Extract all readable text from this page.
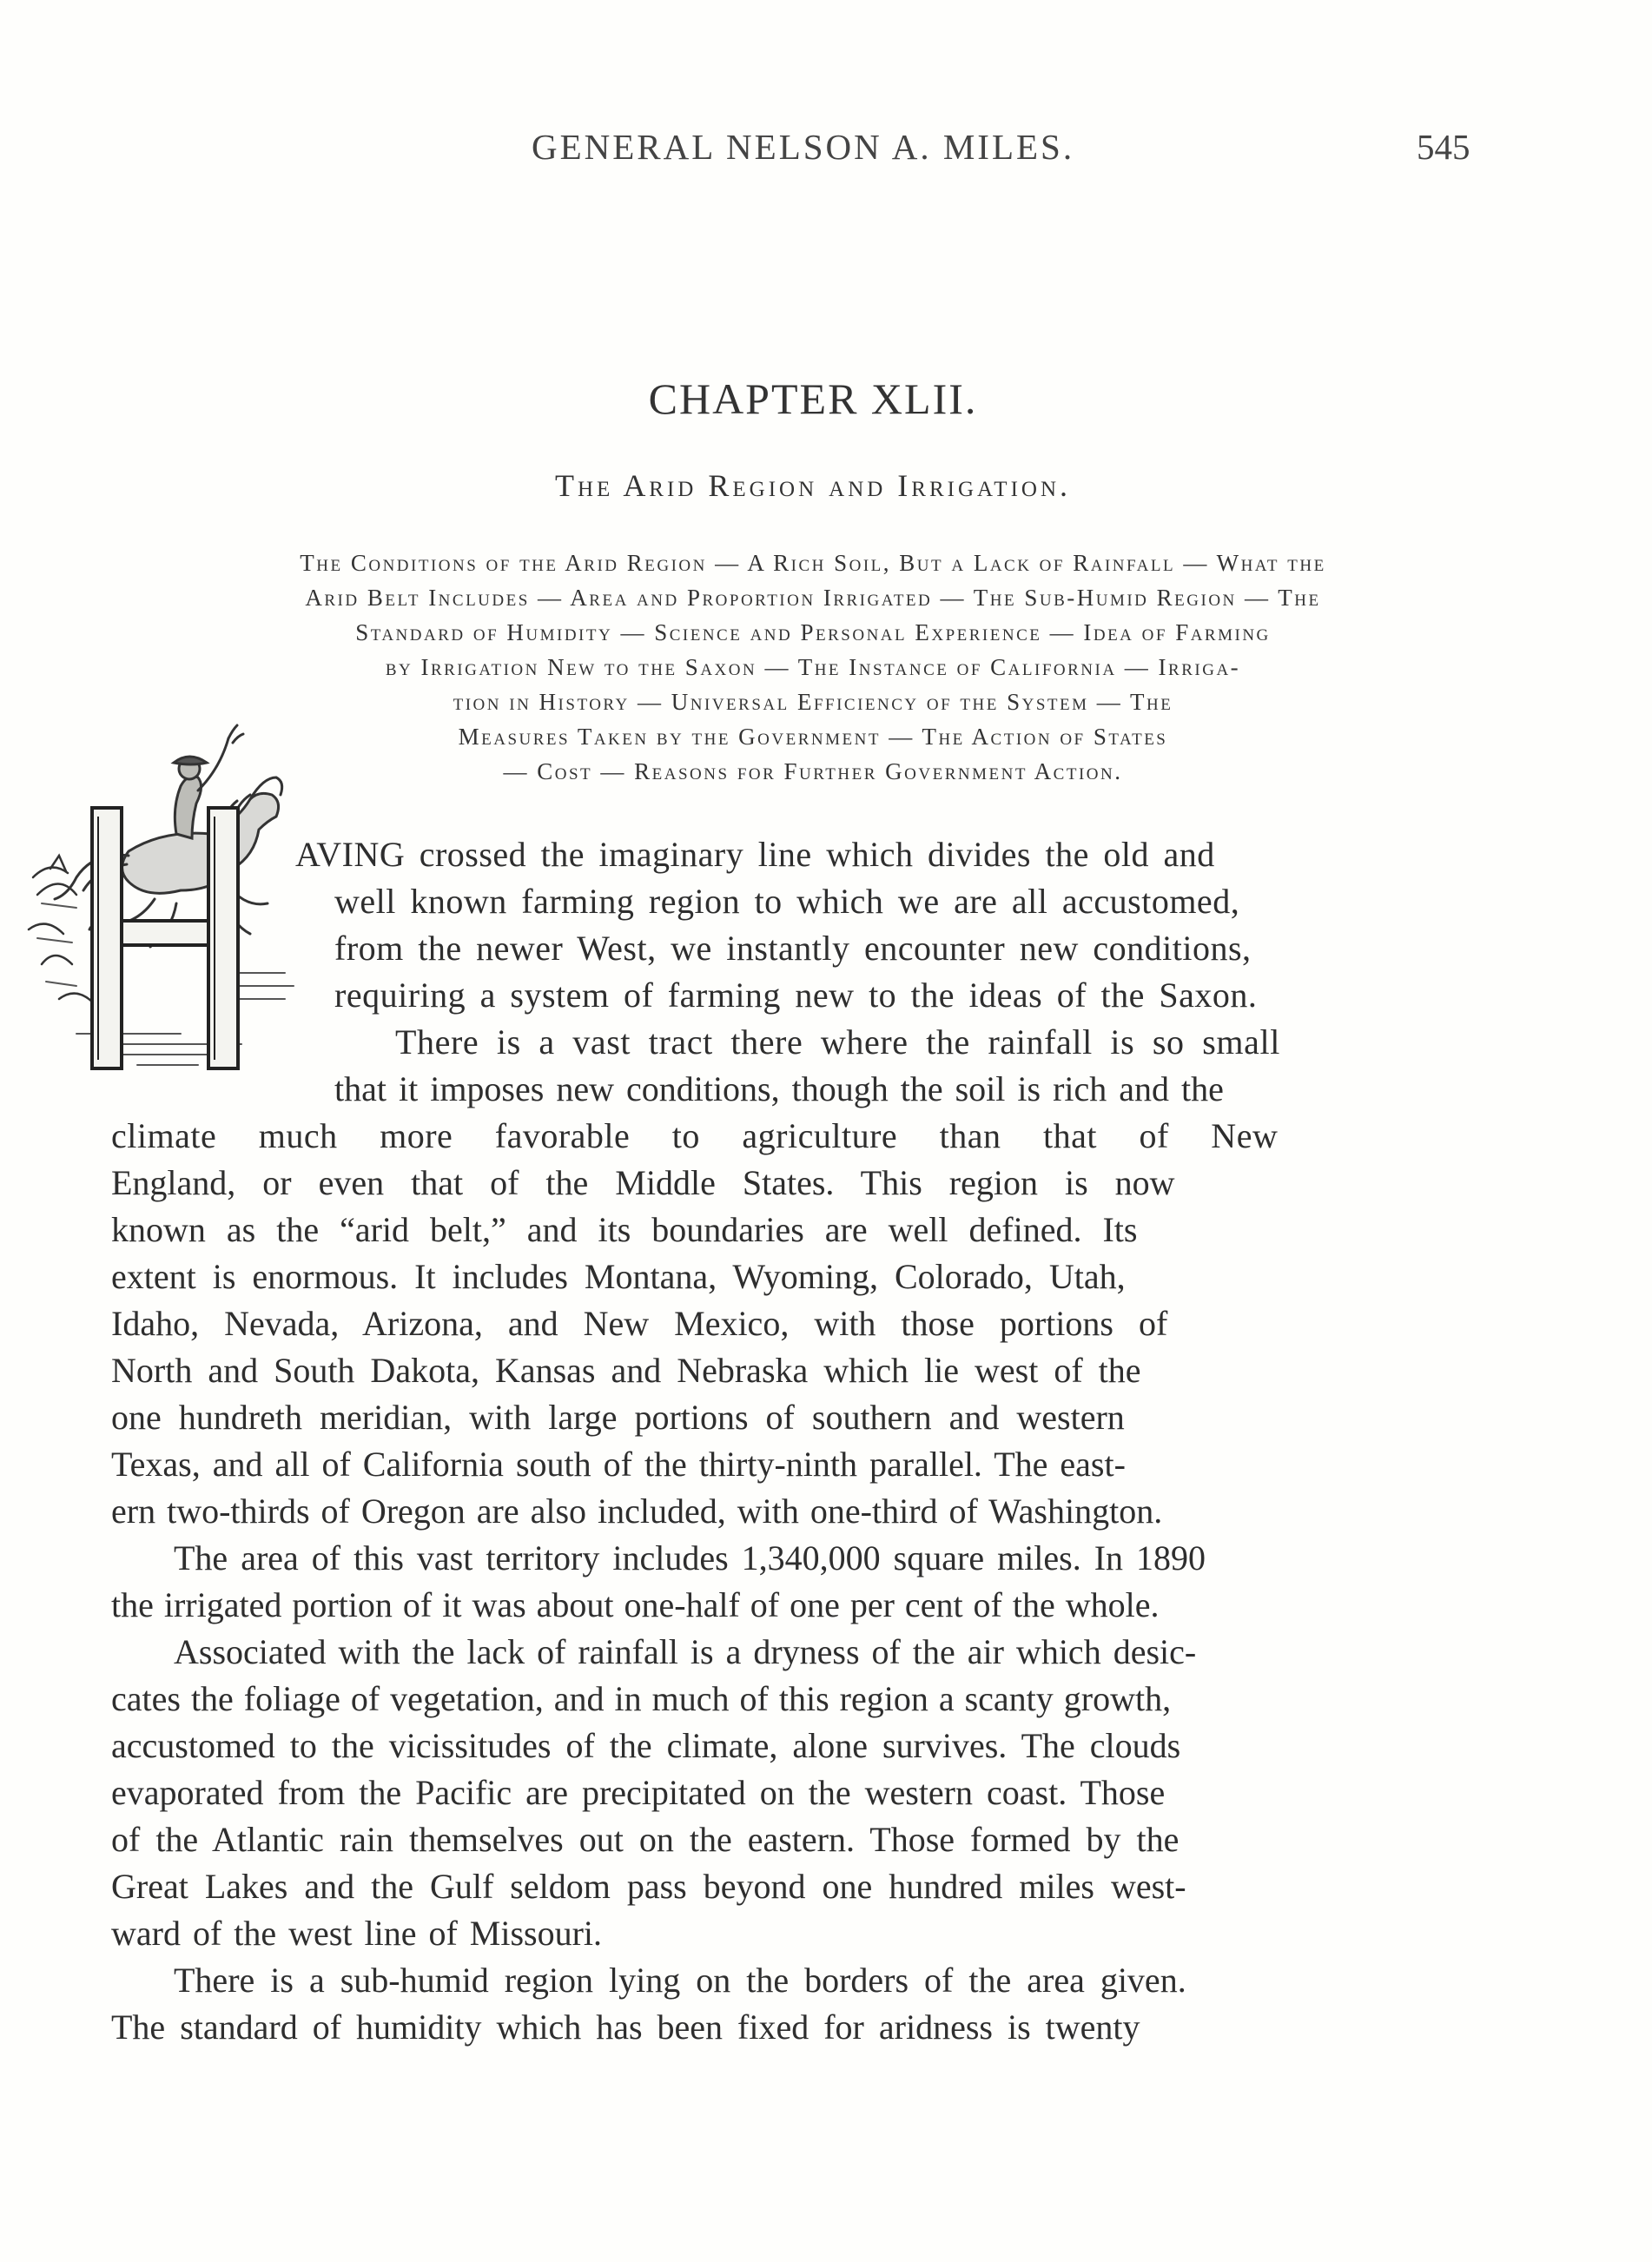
GENERAL NELSON A. MILES.	545
CHAPTER XLII.
The Arid Region and Irrigation.
The Conditions of the Arid Region — A Rich Soil, But a Lack of Rainfall — What the
Arid Belt Includes — Area and Proportion Irrigated — The Sub-Humid Region — The
Standard of Humidity — Science and Personal Experience — Idea of Farming
by Irrigation New to the Saxon — The Instance of California — Irriga-
tion in History — Universal Efficiency of the System — The
Measures Taken by the Government — The Action of States
— Cost — Reasons for Further Government Action.
AVING crossed the imaginary line which divides the old and
well known farming region to which we are all accustomed,
from the newer West, we instantly encounter new conditions,
requiring a system of farming new to the ideas of the Saxon.
There is a vast tract there where the rainfall is so small
that it imposes new conditions, though the soil is rich and the
climate much more favorable to agriculture than that of New
England, or even that of the Middle States. This region is now
known as the “arid belt,” and its boundaries are well defined. Its
extent is enormous. It includes Montana, Wyoming, Colorado, Utah,
Idaho, Nevada, Arizona, and New Mexico, with those portions of
North and South Dakota, Kansas and Nebraska which lie west of the
one hundreth meridian, with large portions of southern and western
Texas, and all of California south of the thirty-ninth parallel. The east-
ern two-thirds of Oregon are also included, with one-third of Washington.
The area of this vast territory includes 1,340,000 square miles. In 1890
the irrigated portion of it was about one-half of one per cent of the whole.
Associated with the lack of rainfall is a dryness of the air which desic-
cates the foliage of vegetation, and in much of this region a scanty growth,
accustomed to the vicissitudes of the climate, alone survives. The clouds
evaporated from the Pacific are precipitated on the western coast. Those
of the Atlantic rain themselves out on the eastern. Those formed by the
Great Lakes and the Gulf seldom pass beyond one hundred miles west-
ward of the west line of Missouri.
There is a sub-humid region lying on the borders of the area given.
The standard of humidity which has been fixed for aridness is twenty
